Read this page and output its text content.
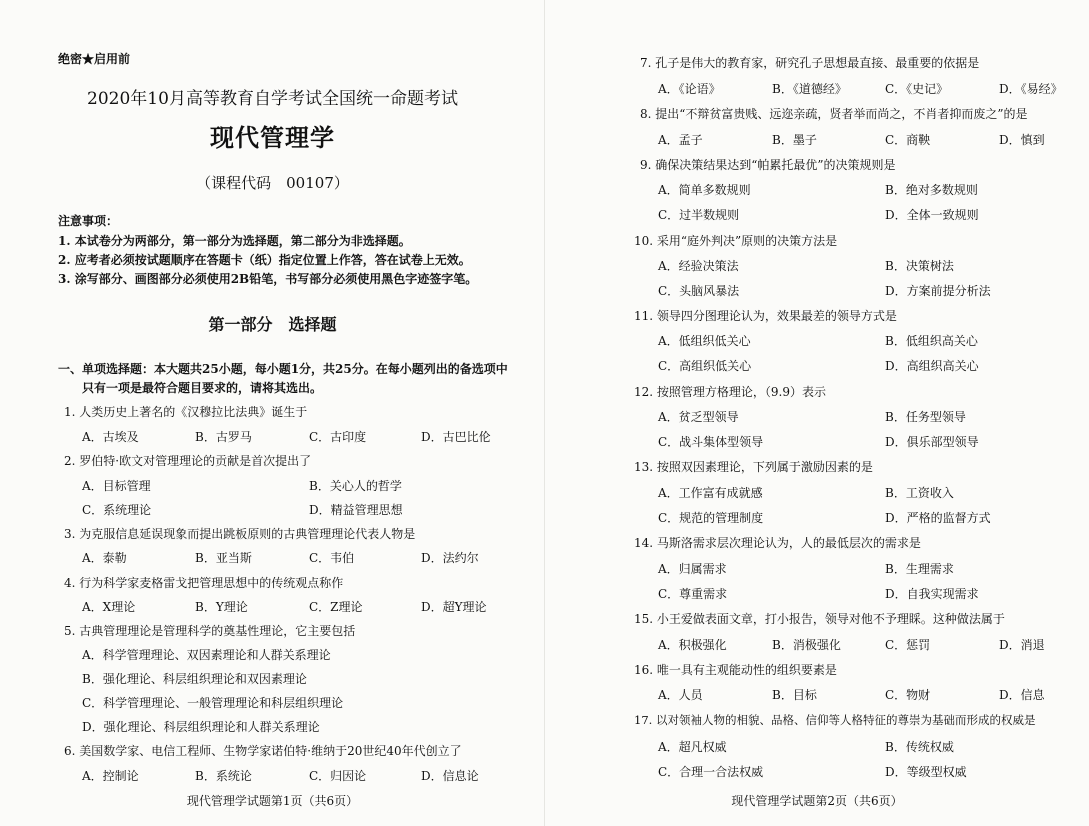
绝密★启用前
2020年10月高等教育自学考试全国统一命题考试
现代管理学
（课程代码　00107）
注意事项：
1. 本试卷分为两部分，第一部分为选择题，第二部分为非选择题。
2. 应考者必须按试题顺序在答题卡（纸）指定位置上作答，答在试卷上无效。
3. 涂写部分、画图部分必须使用2B铅笔，书写部分必须使用黑色字迹签字笔。
第一部分　选择题
一、单项选择题：本大题共25小题，每小题1分，共25分。在每小题列出的备选项中
只有一项是最符合题目要求的，请将其选出。
1. 人类历史上著名的《汉穆拉比法典》诞生于
A．古埃及	B．古罗马	C．古印度	D．古巴比伦
2. 罗伯特·欧文对管理理论的贡献是首次提出了
A．目标管理	B．关心人的哲学
C．系统理论	D．精益管理思想
3. 为克服信息延误现象而提出跳板原则的古典管理理论代表人物是
A．泰勒	B．亚当斯	C．韦伯	D．法约尔
4. 行为科学家麦格雷戈把管理思想中的传统观点称作
A．X理论	B．Y理论	C．Z理论	D．超Y理论
5. 古典管理理论是管理科学的奠基性理论，它主要包括
A．科学管理理论、双因素理论和人群关系理论
B．强化理论、科层组织理论和双因素理论
C．科学管理理论、一般管理理论和科层组织理论
D．强化理论、科层组织理论和人群关系理论
6. 美国数学家、电信工程师、生物学家诺伯特·维纳于20世纪40年代创立了
A．控制论	B．系统论	C．归因论	D．信息论
现代管理学试题第1页（共6页）
7. 孔子是伟大的教育家，研究孔子思想最直接、最重要的依据是
A．《论语》	B．《道德经》	C．《史记》	D．《易经》
8. 提出“不辩贫富贵贱、远迩亲疏，贤者举而尚之，不肖者抑而废之”的是
A．孟子	B．墨子	C．商鞅	D．慎到
9. 确保决策结果达到“帕累托最优”的决策规则是
A．简单多数规则	B．绝对多数规则
C．过半数规则	D．全体一致规则
10. 采用“庭外判决”原则的决策方法是
A．经验决策法	B．决策树法
C．头脑风暴法	D．方案前提分析法
11. 领导四分图理论认为，效果最差的领导方式是
A．低组织低关心	B．低组织高关心
C．高组织低关心	D．高组织高关心
12. 按照管理方格理论，（9.9）表示
A．贫乏型领导	B．任务型领导
C．战斗集体型领导	D．俱乐部型领导
13. 按照双因素理论，下列属于激励因素的是
A．工作富有成就感	B．工资收入
C．规范的管理制度	D．严格的监督方式
14. 马斯洛需求层次理论认为，人的最低层次的需求是
A．归属需求	B．生理需求
C．尊重需求	D．自我实现需求
15. 小王爱做表面文章，打小报告，领导对他不予理睬。这种做法属于
A．积极强化	B．消极强化	C．惩罚	D．消退
16. 唯一具有主观能动性的组织要素是
A．人员	B．目标	C．物财	D．信息
17. 以对领袖人物的相貌、品格、信仰等人格特征的尊崇为基础而形成的权威是
A．超凡权威	B．传统权威
C．合理一合法权威	D．等级型权威
现代管理学试题第2页（共6页）
